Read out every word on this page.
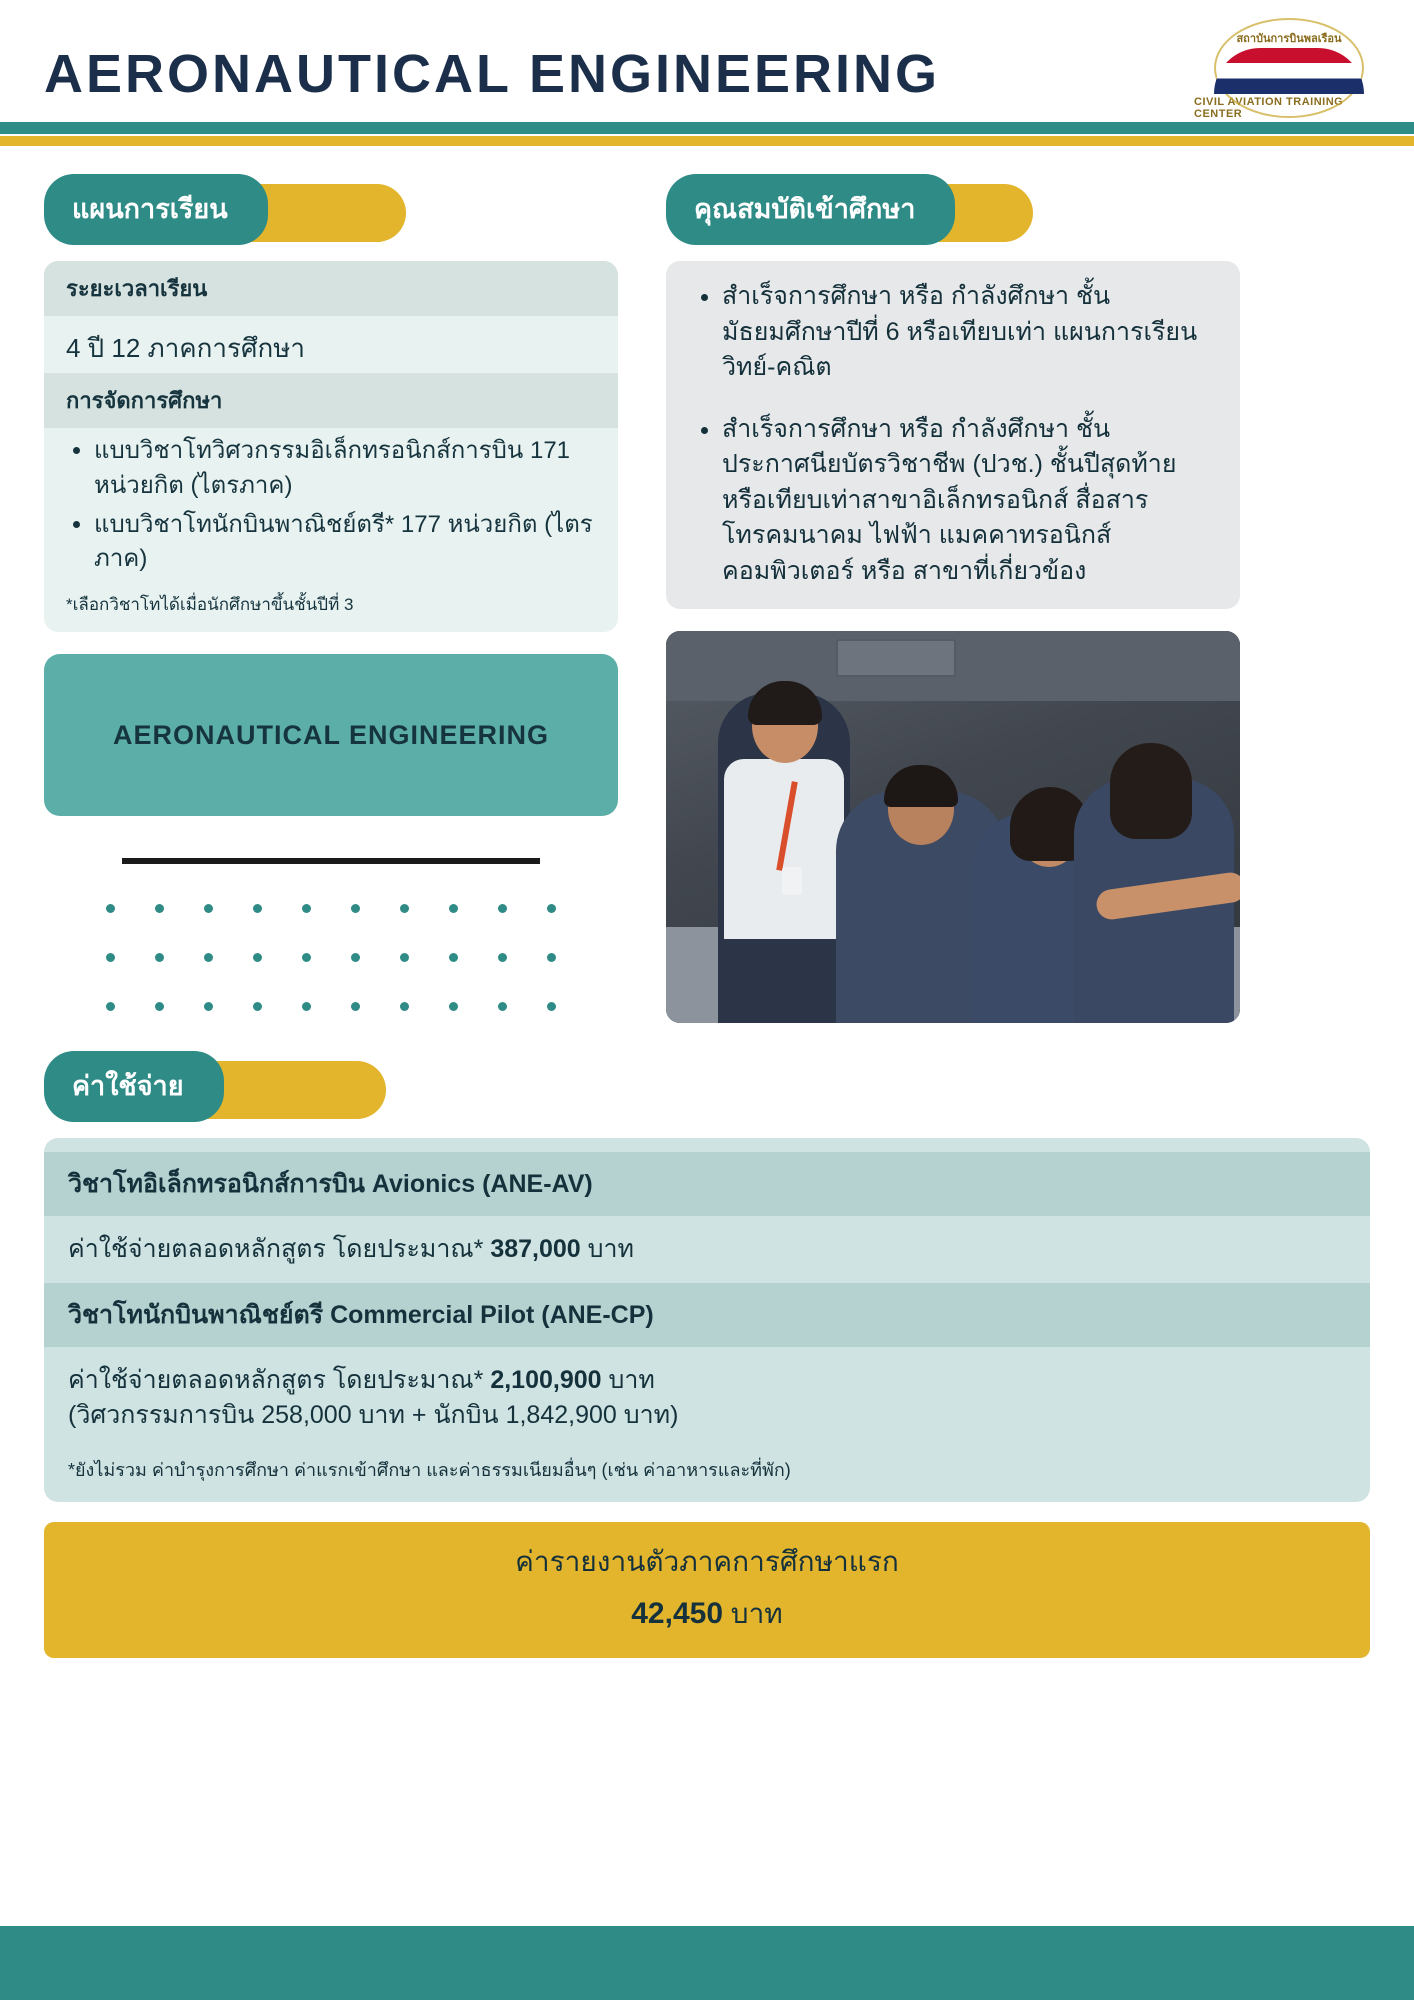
AERONAUTICAL ENGINEERING
สถาบันการบินพลเรือน
CIVIL AVIATION TRAINING CENTER
แผนการเรียน
ระยะเวลาเรียน
4 ปี 12 ภาคการศึกษา
การจัดการศึกษา
• แบบวิชาโทวิศวกรรมอิเล็กทรอนิกส์การบิน 171 หน่วยกิต (ไตรภาค)
• แบบวิชาโทนักบินพาณิชย์ตรี* 177 หน่วยกิต (ไตรภาค)
*เลือกวิชาโทได้เมื่อนักศึกษาขึ้นชั้นปีที่ 3
AERONAUTICAL ENGINEERING
คุณสมบัติเข้าศึกษา
• สำเร็จการศึกษา หรือ กำลังศึกษา ชั้นมัธยมศึกษาปีที่ 6 หรือเทียบเท่า แผนการเรียน วิทย์-คณิต
• สำเร็จการศึกษา หรือ กำลังศึกษา ชั้นประกาศนียบัตรวิชาชีพ (ปวช.) ชั้นปีสุดท้าย หรือเทียบเท่าสาขาอิเล็กทรอนิกส์ สื่อสาร โทรคมนาคม ไฟฟ้า แมคคาทรอนิกส์ คอมพิวเตอร์ หรือ สาขาที่เกี่ยวข้อง
ค่าใช้จ่าย
วิชาโทอิเล็กทรอนิกส์การบิน Avionics (ANE-AV)
ค่าใช้จ่ายตลอดหลักสูตร โดยประมาณ* 387,000 บาท
วิชาโทนักบินพาณิชย์ตรี Commercial Pilot (ANE-CP)
ค่าใช้จ่ายตลอดหลักสูตร โดยประมาณ* 2,100,900 บาท
(วิศวกรรมการบิน 258,000 บาท + นักบิน 1,842,900 บาท)
*ยังไม่รวม ค่าบำรุงการศึกษา ค่าแรกเข้าศึกษา และค่าธรรมเนียมอื่นๆ (เช่น ค่าอาหารและที่พัก)
ค่ารายงานตัวภาคการศึกษาแรก
42,450 บาท
